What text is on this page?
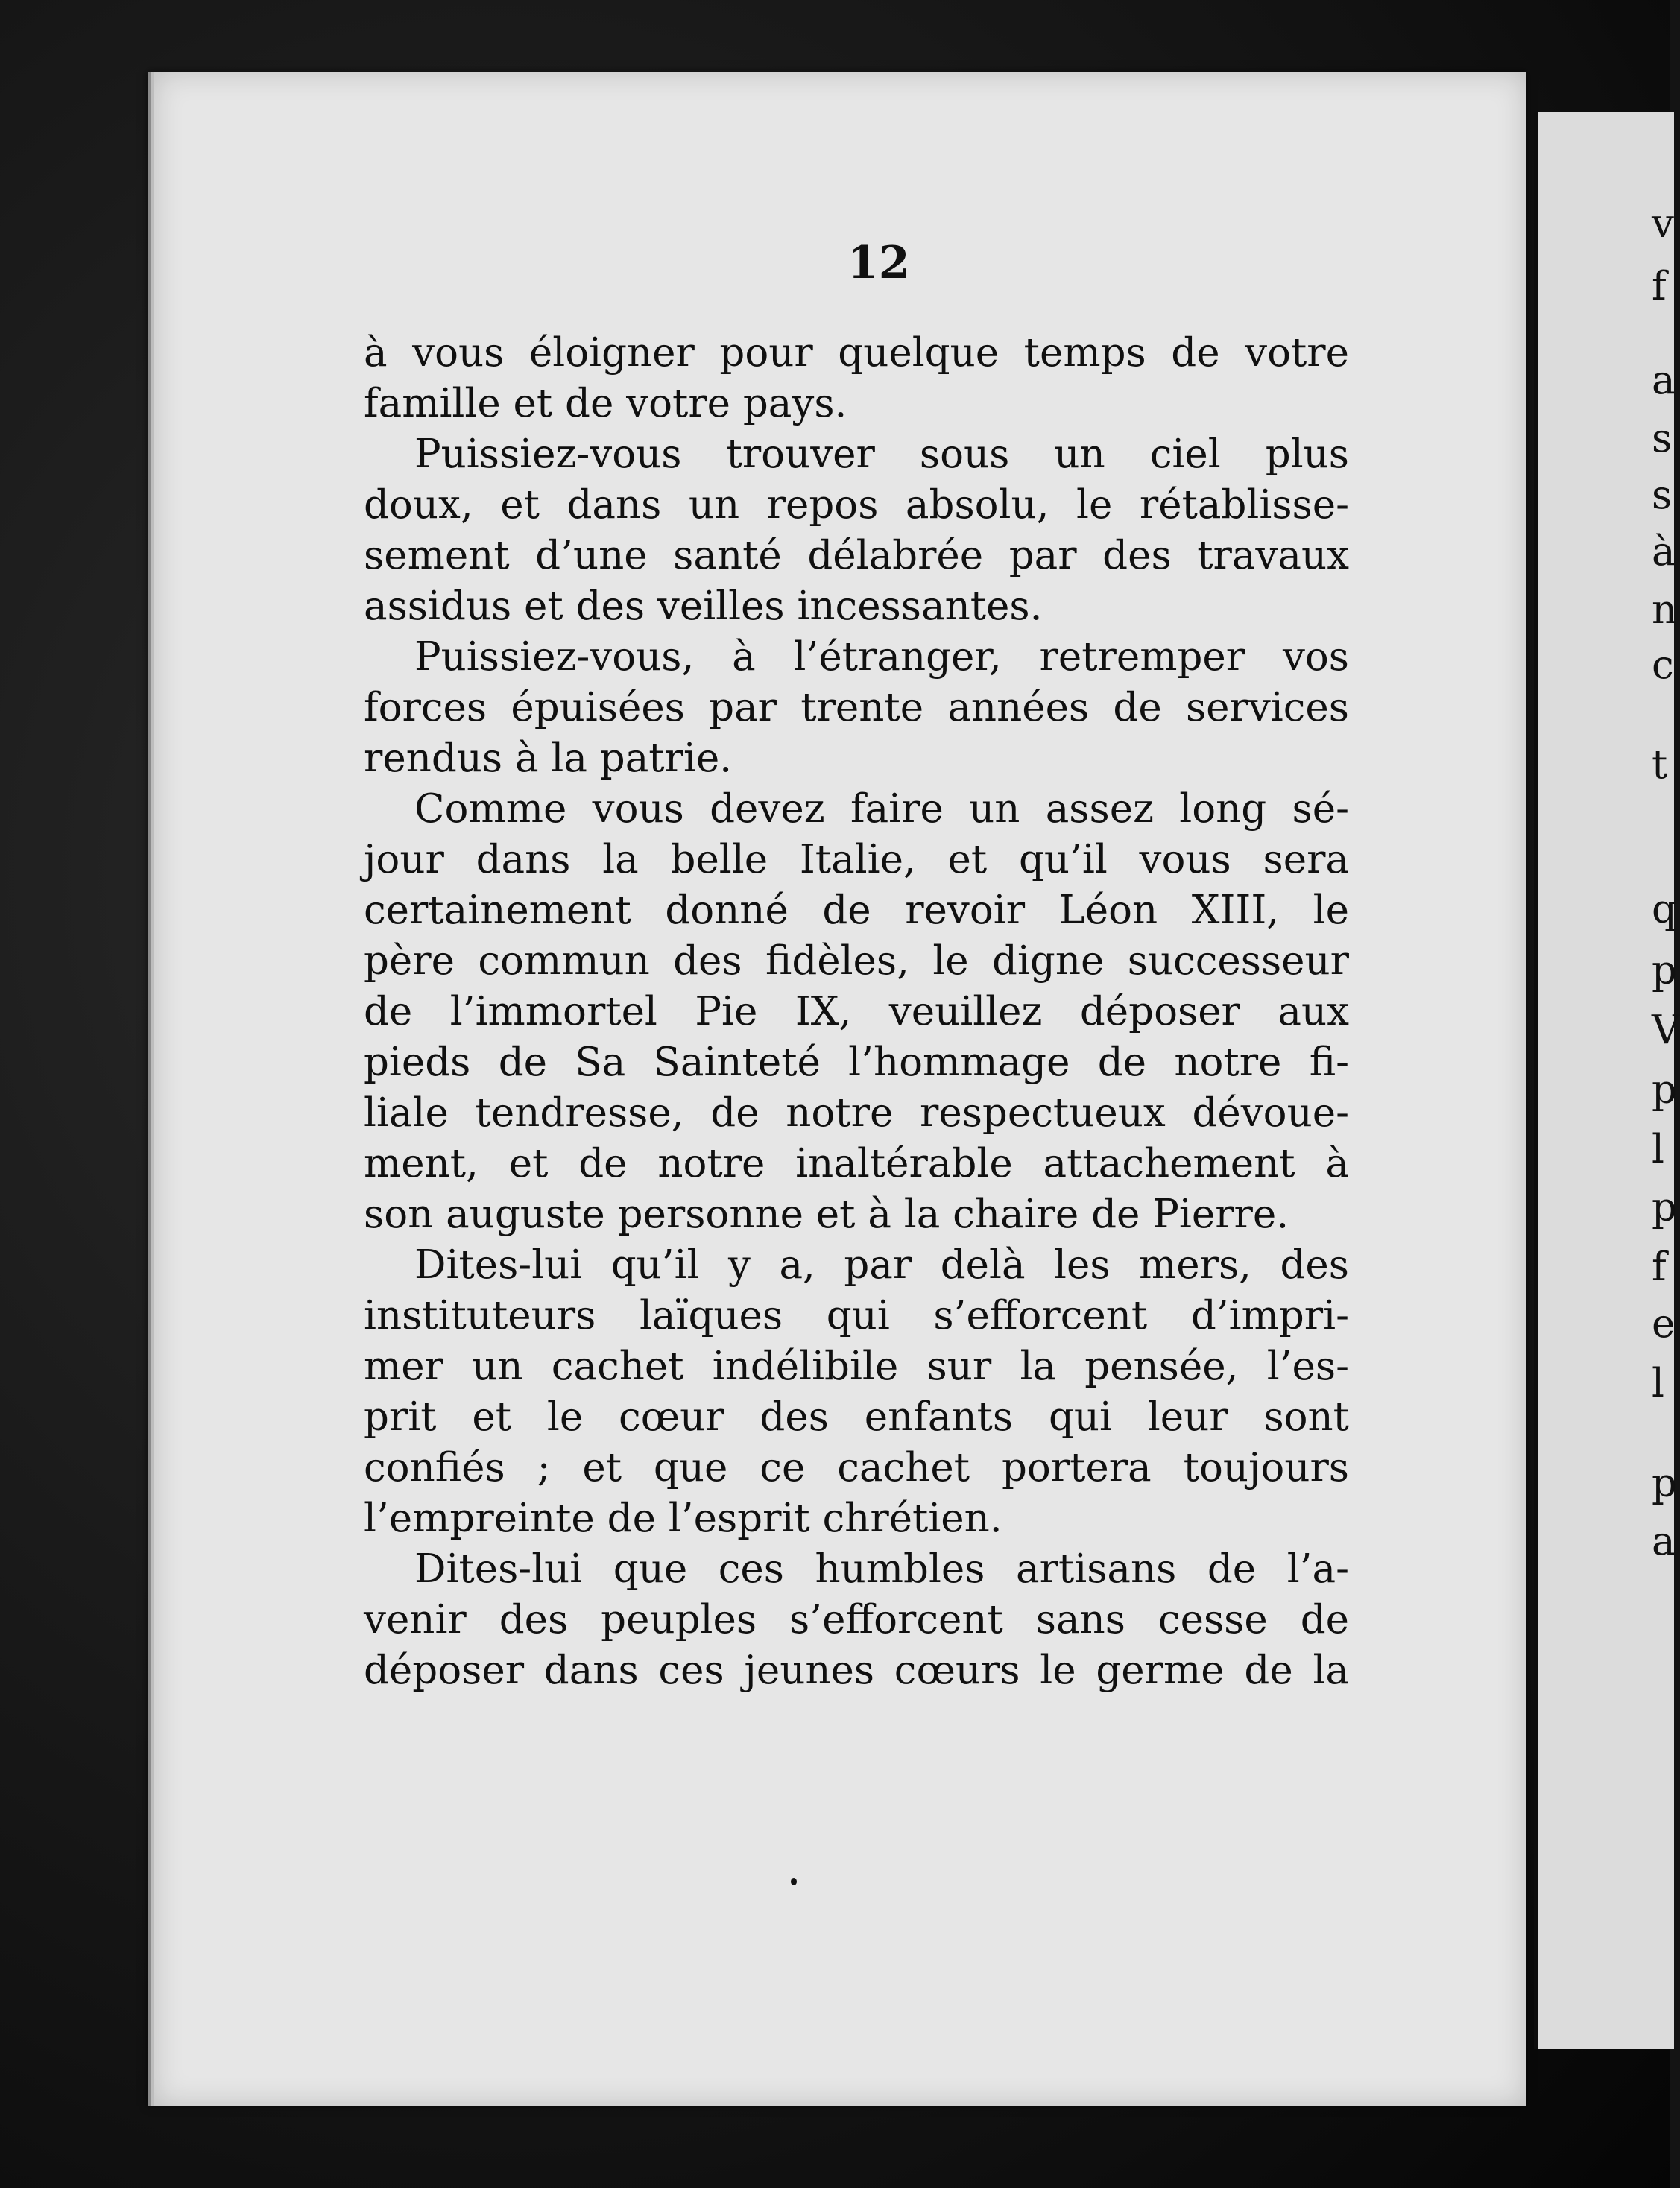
12
à vous éloigner pour quelque temps de votre
famille et de votre pays.
Puissiez-vous trouver sous un ciel plus
doux, et dans un repos absolu, le rétablisse-
sement d’une santé délabrée par des travaux
assidus et des veilles incessantes.
Puissiez-vous, à l’étranger, retremper vos
forces épuisées par trente années de services
rendus à la patrie.
Comme vous devez faire un assez long sé-
jour dans la belle Italie, et qu’il vous sera
certainement donné de revoir Léon XIII, le
père commun des fidèles, le digne successeur
de l’immortel Pie IX, veuillez déposer aux
pieds de Sa Sainteté l’hommage de notre fi-
liale tendresse, de notre respectueux dévoue-
ment, et de notre inaltérable attachement à
son auguste personne et à la chaire de Pierre.
Dites-lui qu’il y a, par delà les mers, des
instituteurs laïques qui s’efforcent d’impri-
mer un cachet indélibile sur la pensée, l’es-
prit et le cœur des enfants qui leur sont
confiés ; et que ce cachet portera toujours
l’empreinte de l’esprit chrétien.
Dites-lui que ces humbles artisans de l’a-
venir des peuples s’efforcent sans cesse de
déposer dans ces jeunes cœurs le germe de la
v
f
a
s
s
à
n
c
t
q
p
V
p
l
p
f
e
l
p
a
